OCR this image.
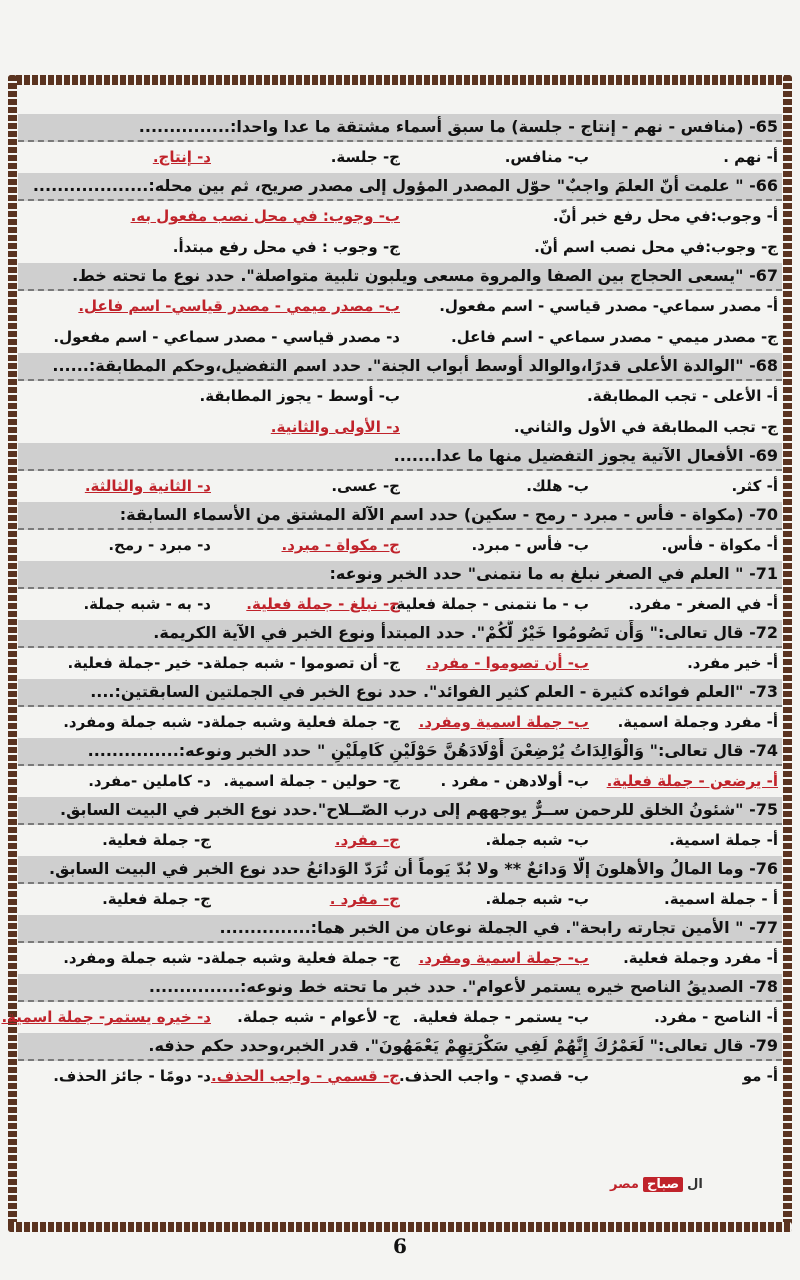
65- (منافس - نهم - إنتاج - جلسة) ما سبق أسماء مشتقة ما عدا واحدا:...............
أ- نهم .
ب- منافس.
ج- جلسة.
د- إنتاج.
66- " علمت أنّ العلمَ واجبٌ" حوّل المصدر المؤول إلى مصدر صريح، ثم بين محله:...................
أ- وجوب:في محل رفع خبر أنّ.
ب- وجوب: في محل نصب مفعول به.
ج- وجوب:في محل نصب اسم أنّ.
ج- وجوب : في محل رفع مبتدأ.
67- "يسعى الحجاج بين الصفا والمروة مسعى ويلبون تلبية متواصلة". حدد نوع ما تحته خط.
أ- مصدر سماعي- مصدر قياسي - اسم مفعول.
ب- مصدر ميمي - مصدر قياسي- اسم فاعل.
ج- مصدر ميمي - مصدر سماعي - اسم فاعل.
د- مصدر قياسي - مصدر سماعي - اسم مفعول.
68- "الوالدة الأعلى قدرًا،والوالد أوسط أبواب الجنة". حدد اسم التفضيل،وحكم المطابقة:......
أ- الأعلى - تجب المطابقة.
ب- أوسط - يجوز المطابقة.
ج- تجب المطابقة في الأول والثاني.
د- الأولى والثانية.
69- الأفعال الآتية يجوز التفضيل منها ما عدا.......
أ- كثر.
ب- هلك.
ج- عسى.
د- الثانية والثالثة.
70- (مكواة - فأس - مبرد - رمح - سكين) حدد اسم الآلة المشتق من الأسماء السابقة:
أ- مكواة - فأس.
ب- فأس - مبرد.
ج- مكواة - مبرد.
د- مبرد - رمح.
71- " العلم في الصغر نبلغ به ما نتمنى" حدد الخبر ونوعه:
أ- في الصغر - مفرد.
ب - ما نتمنى - جملة فعلية.
ج- نبلغ - جملة فعلية.
د- به - شبه جملة.
72- قال تعالى:" وَأَن تَصُومُوا خَيْرٌ لَّكُمْ". حدد المبتدأ ونوع الخبر في الآية الكريمة.
أ- خير مفرد.
ب- أن تصوموا - مفرد.
ج- أن تصوموا - شبه جملة.
د- خير -جملة فعلية.
73- "العلم فوائده كثيرة - العلم كثير الفوائد". حدد نوع الخبر في الجملتين السابقتين:....
أ- مفرد وجملة اسمية.
ب- جملة اسمية ومفرد.
ج- جملة فعلية وشبه جملة.
د- شبه جملة ومفرد.
74- قال تعالى:" وَالْوَالِدَاتُ يُرْضِعْنَ أَوْلَادَهُنَّ حَوْلَيْنِ كَامِلَيْنِ " حدد الخبر ونوعه:...............
أ- يرضعن - جملة فعلية.
ب- أولادهن - مفرد .
ج- حولين - جملة اسمية.
د- كاملين -مفرد.
75- "شئونُ الخلق للرحمن ســرٌّ يوجههم إلى درب الصّــلاح".حدد نوع الخبر في البيت السابق.
أ- جملة اسمية.
ب- شبه جملة.
ج- مفرد.
ج- جملة فعلية.
76- وما المالُ والأهلونَ إلّا وَدائعٌ ** ولا بُدّ يَوماً أن تُرَدّ الوَدائعُ حدد نوع الخبر في البيت السابق.
أ - جملة اسمية.
ب- شبه جملة.
ج- مفرد .
ج- جملة فعلية.
77- " الأمين تجارته رابحة". في الجملة نوعان من الخبر هما:...............
أ- مفرد وجملة فعلية.
ب- جملة اسمية ومفرد.
ج- جملة فعلية وشبه جملة.
د- شبه جملة ومفرد.
78- الصديقُ الناصح خيره يستمر لأعوام". حدد خبر ما تحته خط ونوعه:...............
أ- الناصح - مفرد.
ب- يستمر - جملة فعلية.
ج- لأعوام - شبه جملة.
د- خيره يستمر- جملة اسمية.
79- قال تعالى:" لَعَمْرُكَ إِنَّهُمْ لَفِي سَكْرَتِهِمْ يَعْمَهُونَ". قدر الخبر،وحدد حكم حذفه.
أ- مو
ب- قصدي - واجب الحذف.
ج- قسمي - واجب الحذف.
د- دومًا - جائز الحذف.
مصر صباح ال
6
